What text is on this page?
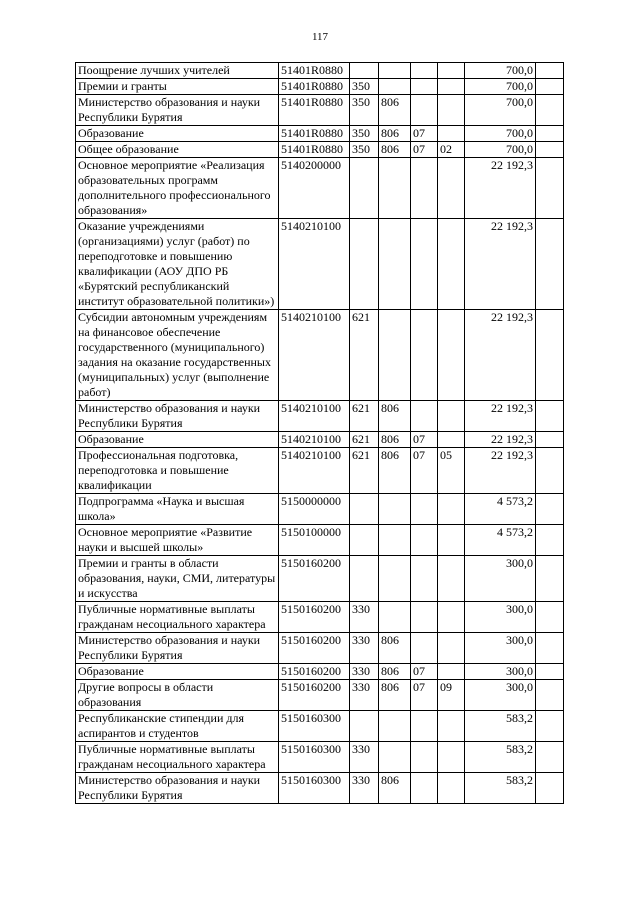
117
Поощрение лучших учителей	51401R0880					700,0	
Премии и гранты	51401R0880	350				700,0	
Министерство образования и науки Республики Бурятия	51401R0880	350	806			700,0	
Образование	51401R0880	350	806	07		700,0	
Общее образование	51401R0880	350	806	07	02	700,0	
Основное мероприятие «Реализация образовательных программ дополнительного профессионального образования»	5140200000					22 192,3	
Оказание учреждениями (организациями) услуг (работ) по переподготовке и повышению квалификации (АОУ ДПО РБ «Бурятский республиканский институт образовательной политики»)	5140210100					22 192,3	
Субсидии автономным учреждениям на финансовое обеспечение государственного (муниципального) задания на оказание государственных (муниципальных) услуг (выполнение работ)	5140210100	621				22 192,3	
Министерство образования и науки Республики Бурятия	5140210100	621	806			22 192,3	
Образование	5140210100	621	806	07		22 192,3	
Профессиональная подготовка, переподготовка и повышение квалификации	5140210100	621	806	07	05	22 192,3	
Подпрограмма «Наука и высшая школа»	5150000000					4 573,2	
Основное мероприятие «Развитие науки и высшей школы»	5150100000					4 573,2	
Премии и гранты в области образования, науки, СМИ, литературы и искусства	5150160200					300,0	
Публичные нормативные выплаты гражданам несоциального характера	5150160200	330				300,0	
Министерство образования и науки Республики Бурятия	5150160200	330	806			300,0	
Образование	5150160200	330	806	07		300,0	
Другие вопросы в области образования	5150160200	330	806	07	09	300,0	
Республиканские стипендии для аспирантов и студентов	5150160300					583,2	
Публичные нормативные выплаты гражданам несоциального характера	5150160300	330				583,2	
Министерство образования и науки Республики Бурятия	5150160300	330	806			583,2	
